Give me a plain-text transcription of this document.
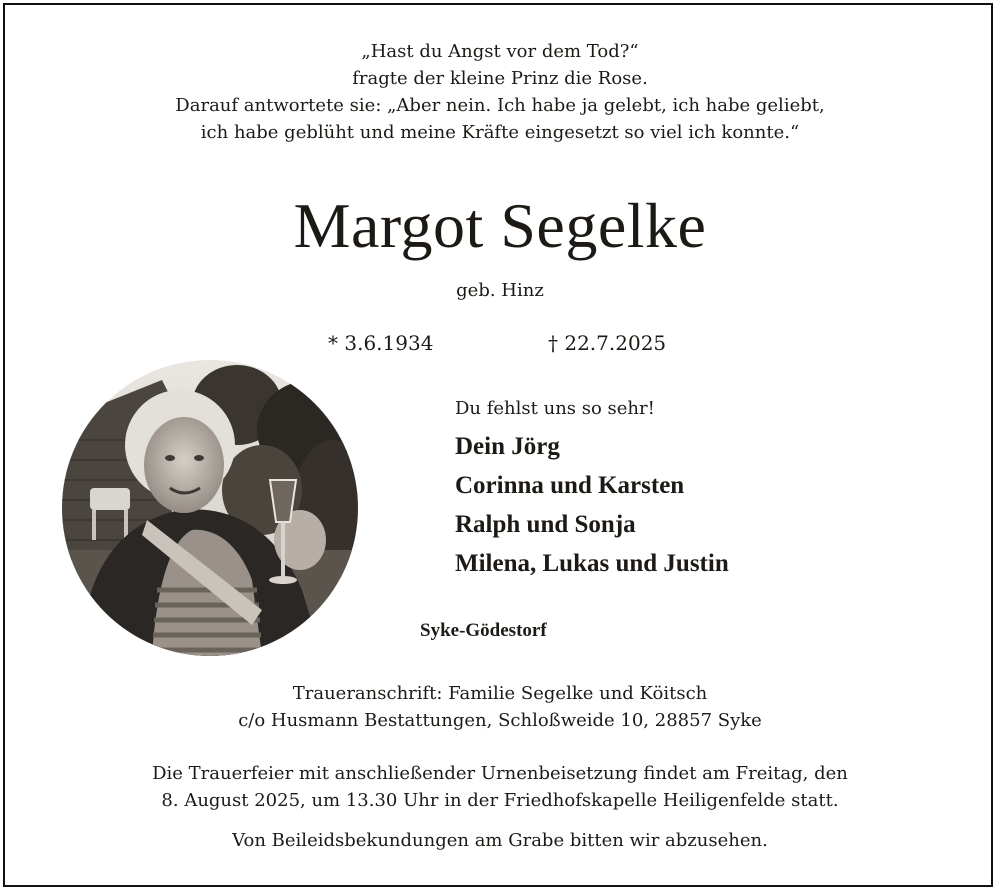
„Hast du Angst vor dem Tod?“
fragte der kleine Prinz die Rose.
Darauf antwortete sie: „Aber nein. Ich habe ja gelebt, ich habe geliebt,
ich habe geblüht und meine Kräfte eingesetzt so viel ich konnte.“
Margot Segelke
geb. Hinz
* 3.6.1934	† 22.7.2025
Du fehlst uns so sehr!
Dein Jörg
Corinna und Karsten
Ralph und Sonja
Milena, Lukas und Justin
Syke-Gödestorf
Traueranschrift: Familie Segelke und Köitsch
c/o Husmann Bestattungen, Schloßweide 10, 28857 Syke
Die Trauerfeier mit anschließender Urnenbeisetzung findet am Freitag, den
8. August 2025, um 13.30 Uhr in der Friedhofskapelle Heiligenfelde statt.
Von Beileidsbekundungen am Grabe bitten wir abzusehen.
